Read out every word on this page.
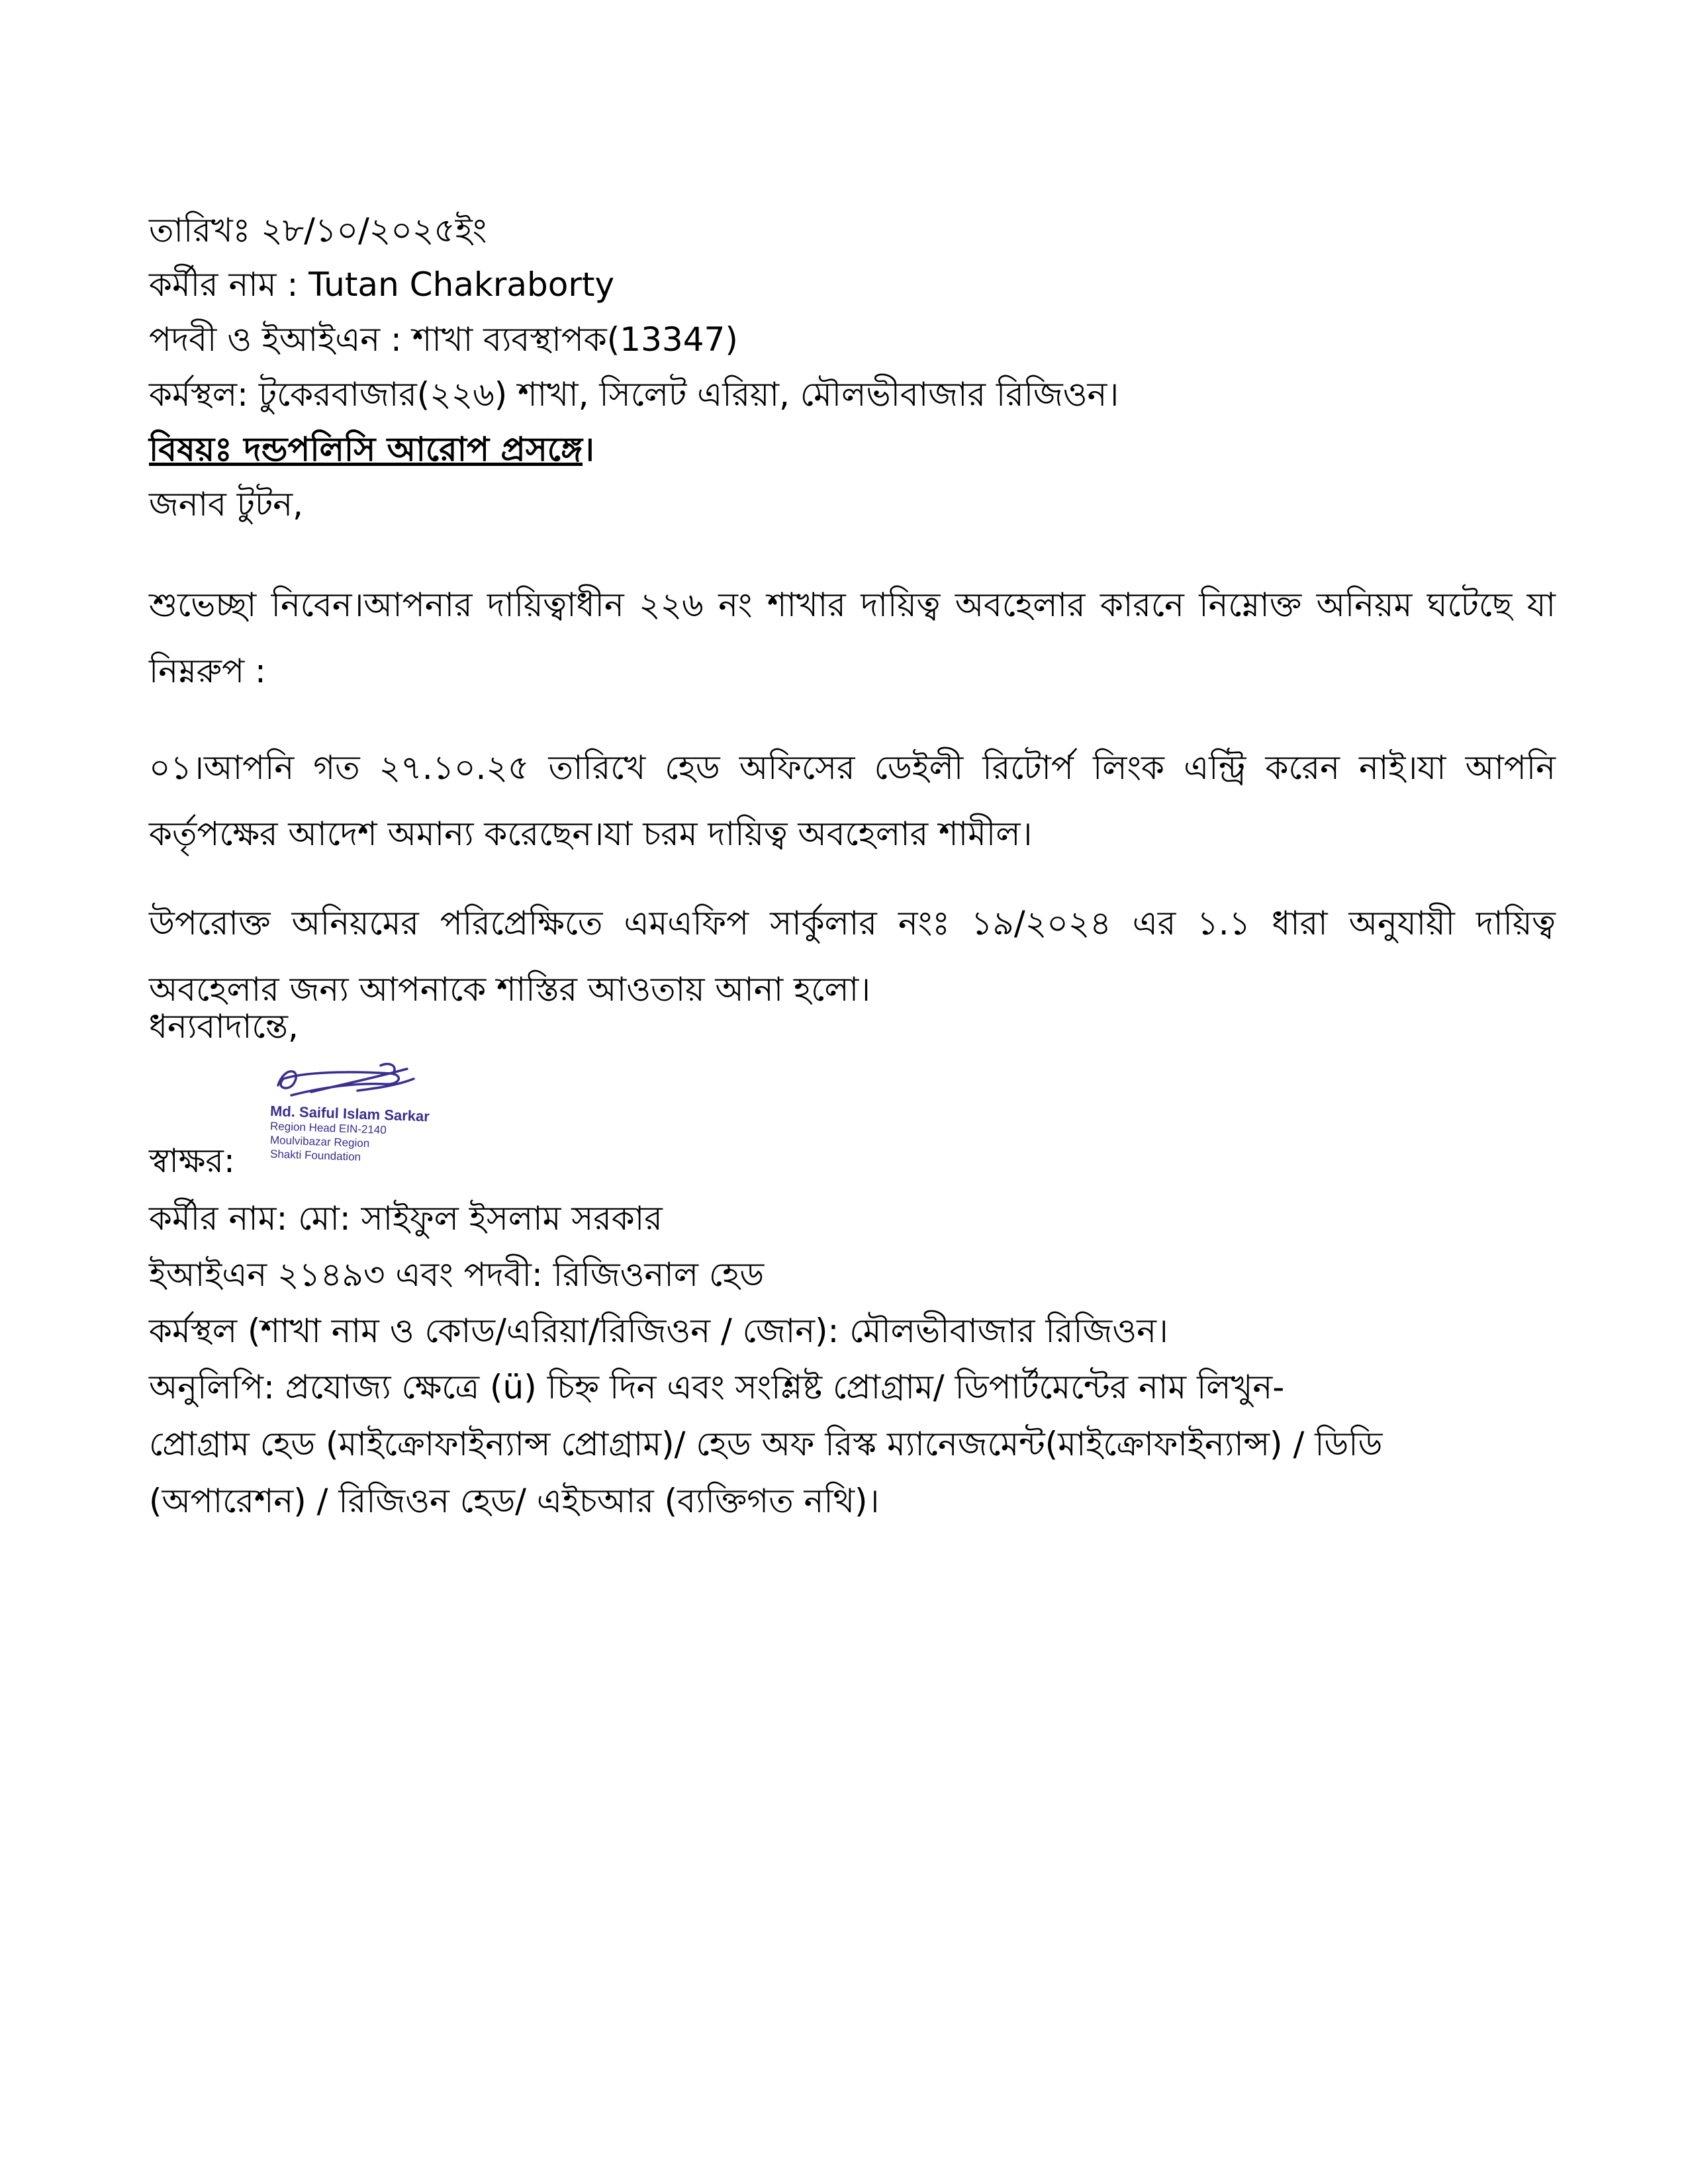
তারিখঃ ২৮/১০/২০২৫ইং
কর্মীর নাম : Tutan Chakraborty
পদবী ও ইআইএন : শাখা ব্যবস্থাপক(13347)
কর্মস্থল: টুকেরবাজার(২২৬) শাখা, সিলেট এরিয়া, মৌলভীবাজার রিজিওন।
বিষয়ঃ দন্ডপলিসি আরোপ প্রসঙ্গে।
জনাব টুটন,
শুভেচ্ছা নিবেন।আপনার দায়িত্বাধীন ২২৬ নং শাখার দায়িত্ব অবহেলার কারনে নিম্নোক্ত অনিয়ম ঘটেছে যা নিম্নরুপ :
০১।আপনি গত ২৭.১০.২৫ তারিখে হেড অফিসের ডেইলী রিটোর্প লিংক এন্ট্রি করেন নাই।যা আপনি কর্তৃপক্ষের আদেশ অমান্য করেছেন।যা চরম দায়িত্ব অবহেলার শামীল।
উপরোক্ত অনিয়মের পরিপ্রেক্ষিতে এমএফিপ সার্কুলার নংঃ ১৯/২০২৪ এর ১.১ ধারা অনুযায়ী দায়িত্ব অবহেলার জন্য আপনাকে শাস্তির আওতায় আনা হলো।
ধন্যবাদান্তে,
Md. Saiful Islam Sarkar
Region Head EIN-2140
Moulvibazar Region
Shakti Foundation
স্বাক্ষর:
কর্মীর নাম: মো: সাইফুল ইসলাম সরকার
ইআইএন ২১৪৯৩ এবং পদবী: রিজিওনাল হেড
কর্মস্থল (শাখা নাম ও কোড/এরিয়া/রিজিওন / জোন): মৌলভীবাজার রিজিওন।
অনুলিপি: প্রযোজ্য ক্ষেত্রে (ü) চিহ্ন দিন এবং সংশ্লিষ্ট প্রোগ্রাম/ ডিপার্টমেন্টের নাম লিখুন-
প্রোগ্রাম হেড (মাইক্রোফাইন্যান্স প্রোগ্রাম)/ হেড অফ রিস্ক ম্যানেজমেন্ট(মাইক্রোফাইন্যান্স) / ডিডি
(অপারেশন) / রিজিওন হেড/ এইচআর (ব্যক্তিগত নথি)।
